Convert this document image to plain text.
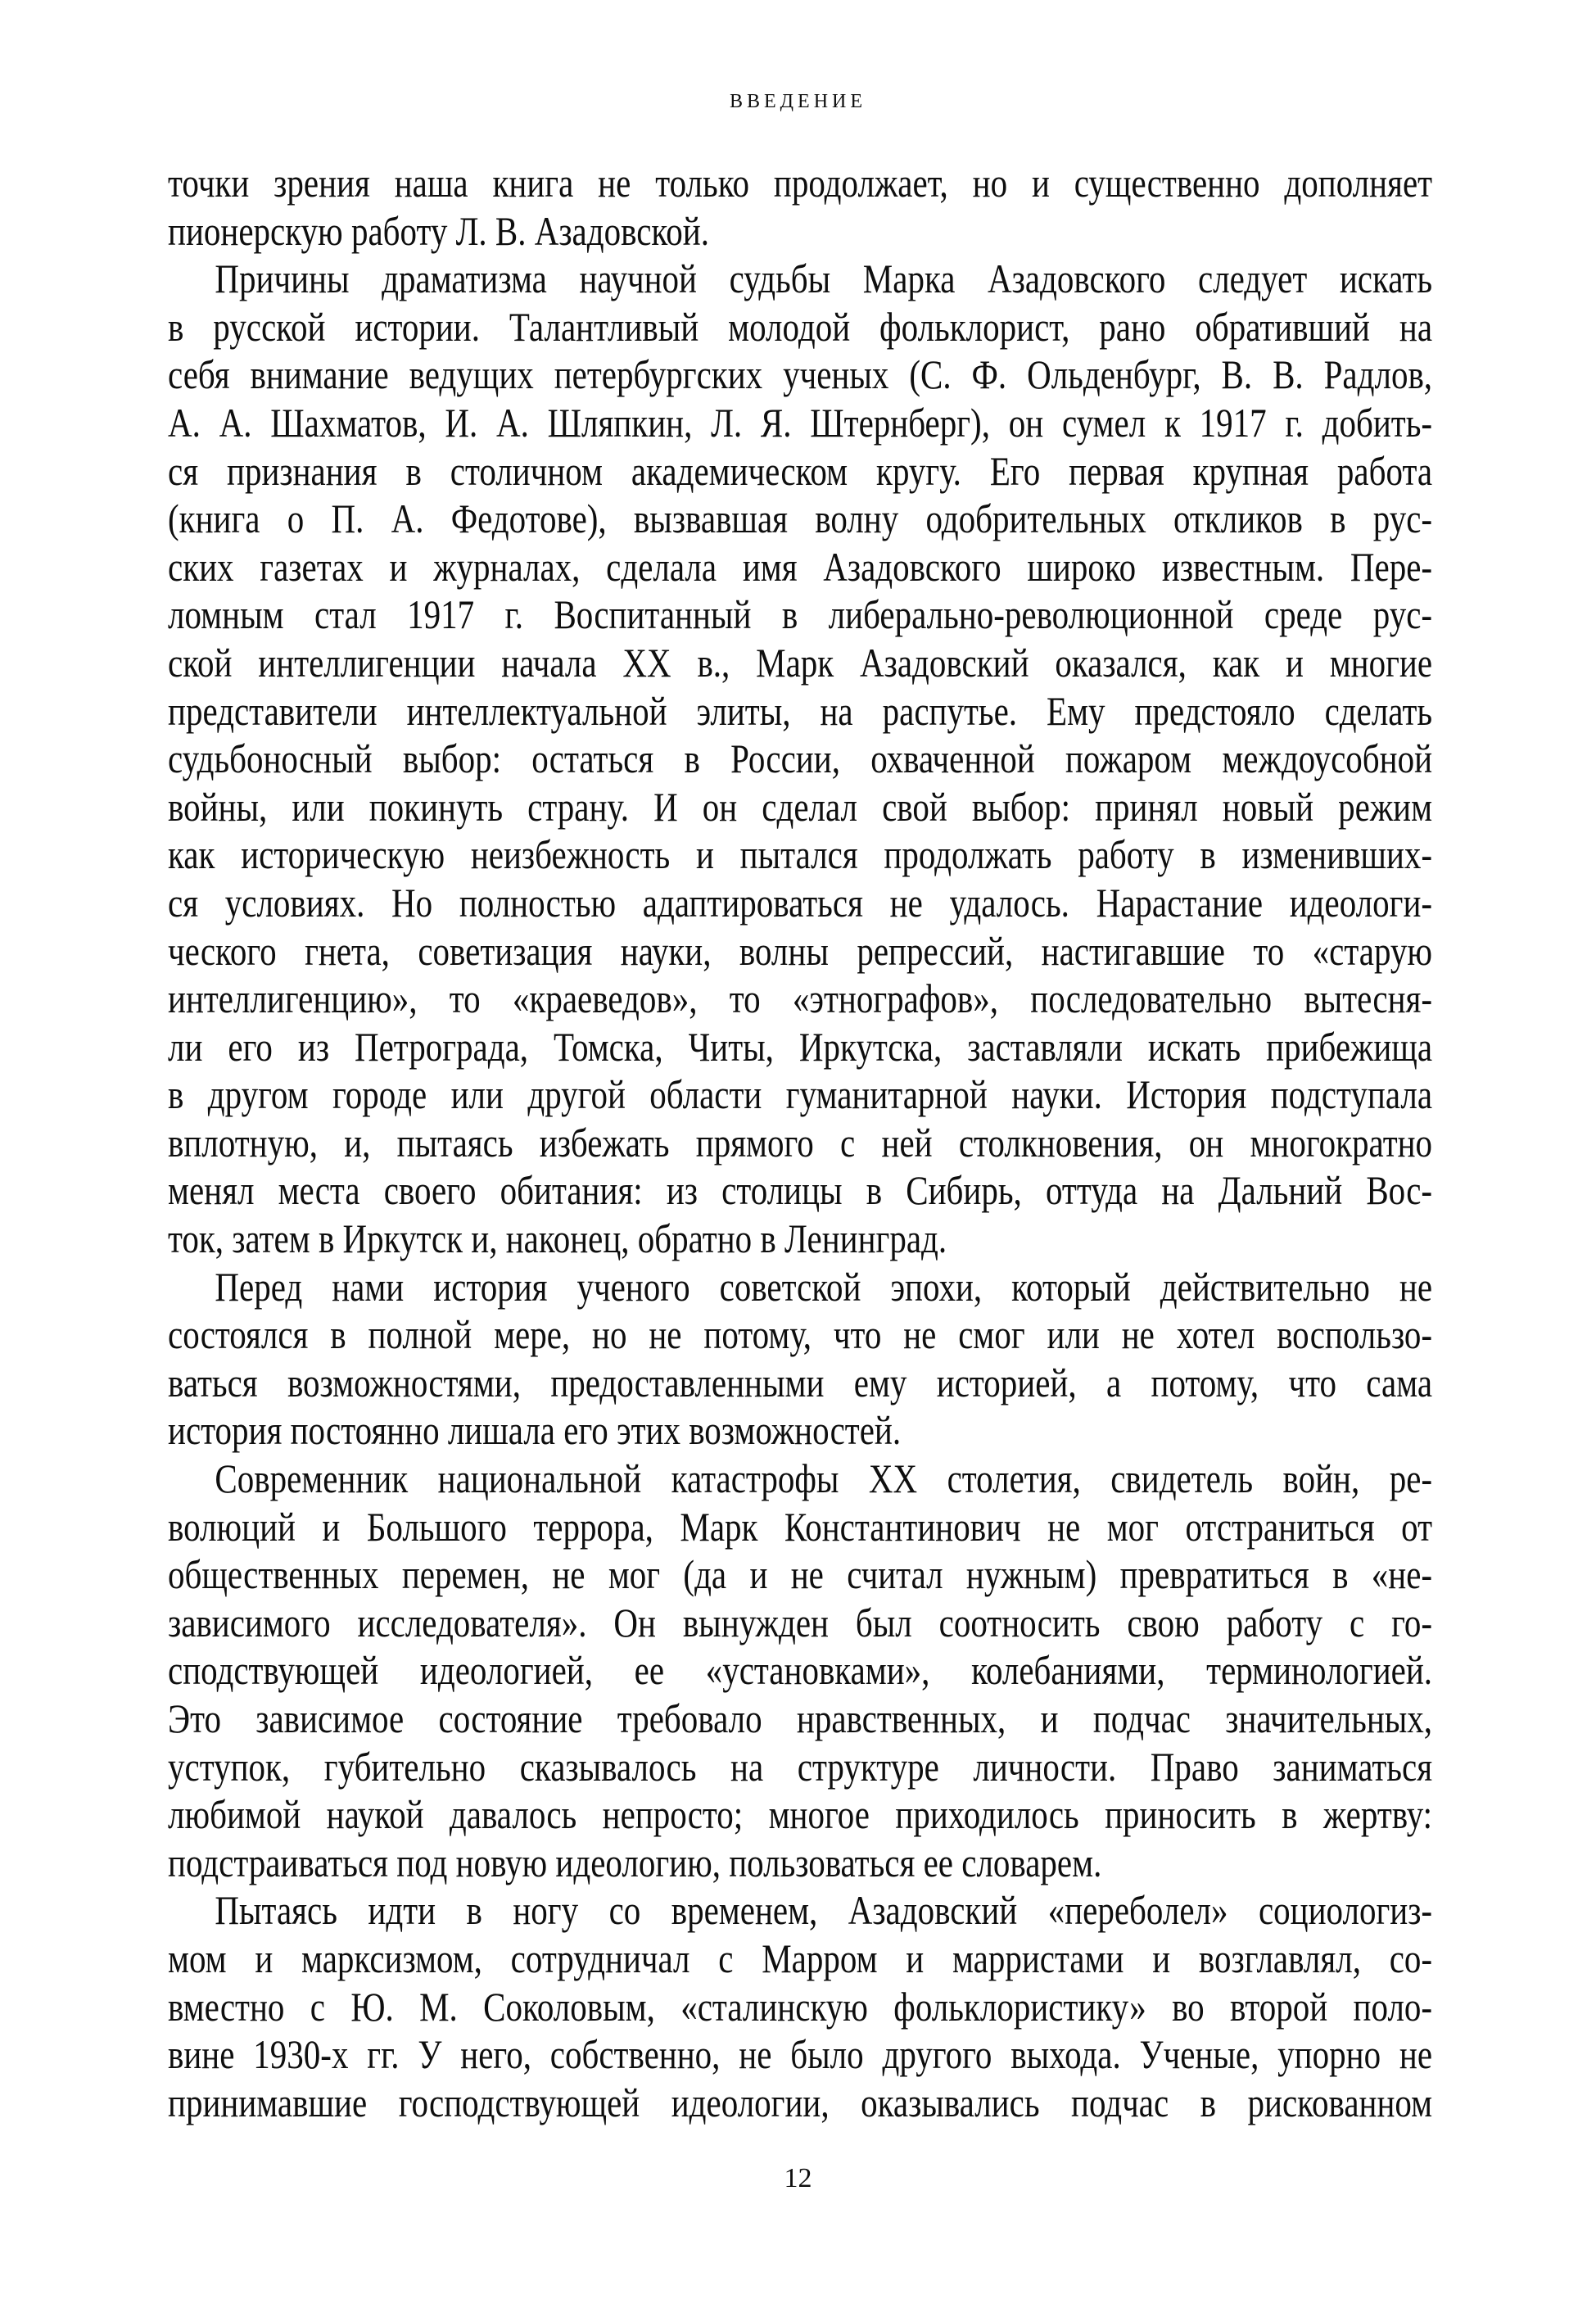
ВВЕДЕНИЕ
точки зрения наша книга не только продолжает, но и существенно дополняет
пионерскую работу Л. В. Азадовской.
Причины драматизма научной судьбы Марка Азадовского следует искать
в русской истории. Талантливый молодой фольклорист, рано обративший на
себя внимание ведущих петербургских ученых (С. Ф. Ольденбург, В. В. Радлов,
А. А. Шахматов, И. А. Шляпкин, Л. Я. Штернберг), он сумел к 1917 г. добить-
ся признания в столичном академическом кругу. Его первая крупная работа
(книга о П. А. Федотове), вызвавшая волну одобрительных откликов в рус-
ских газетах и журналах, сделала имя Азадовского широко известным. Пере-
ломным стал 1917 г. Воспитанный в либерально-революционной среде рус-
ской интеллигенции начала XX в., Марк Азадовский оказался, как и многие
представители интеллектуальной элиты, на распутье. Ему предстояло сделать
судьбоносный выбор: остаться в России, охваченной пожаром междоусобной
войны, или покинуть страну. И он сделал свой выбор: принял новый режим
как историческую неизбежность и пытался продолжать работу в изменивших-
ся условиях. Но полностью адаптироваться не удалось. Нарастание идеологи-
ческого гнета, советизация науки, волны репрессий, настигавшие то «старую
интеллигенцию», то «краеведов», то «этнографов», последовательно вытесня-
ли его из Петрограда, Томска, Читы, Иркутска, заставляли искать прибежища
в другом городе или другой области гуманитарной науки. История подступала
вплотную, и, пытаясь избежать прямого с ней столкновения, он многократно
менял места своего обитания: из столицы в Сибирь, оттуда на Дальний Вос-
ток, затем в Иркутск и, наконец, обратно в Ленинград.
Перед нами история ученого советской эпохи, который действительно не
состоялся в полной мере, но не потому, что не смог или не хотел воспользо-
ваться возможностями, предоставленными ему историей, а потому, что сама
история постоянно лишала его этих возможностей.
Современник национальной катастрофы XX столетия, свидетель войн, ре-
волюций и Большого террора, Марк Константинович не мог отстраниться от
общественных перемен, не мог (да и не считал нужным) превратиться в «не-
зависимого исследователя». Он вынужден был соотносить свою работу с го-
сподствующей идеологией, ее «установками», колебаниями, терминологией.
Это зависимое состояние требовало нравственных, и подчас значительных,
уступок, губительно сказывалось на структуре личности. Право заниматься
любимой наукой давалось непросто; многое приходилось приносить в жертву:
подстраиваться под новую идеологию, пользоваться ее словарем.
Пытаясь идти в ногу со временем, Азадовский «переболел» социологиз-
мом и марксизмом, сотрудничал с Марром и марристами и возглавлял, со-
вместно с Ю. М. Соколовым, «сталинскую фольклористику» во второй поло-
вине 1930-х гг. У него, собственно, не было другого выхода. Ученые, упорно не
принимавшие господствующей идеологии, оказывались подчас в рискованном
12
